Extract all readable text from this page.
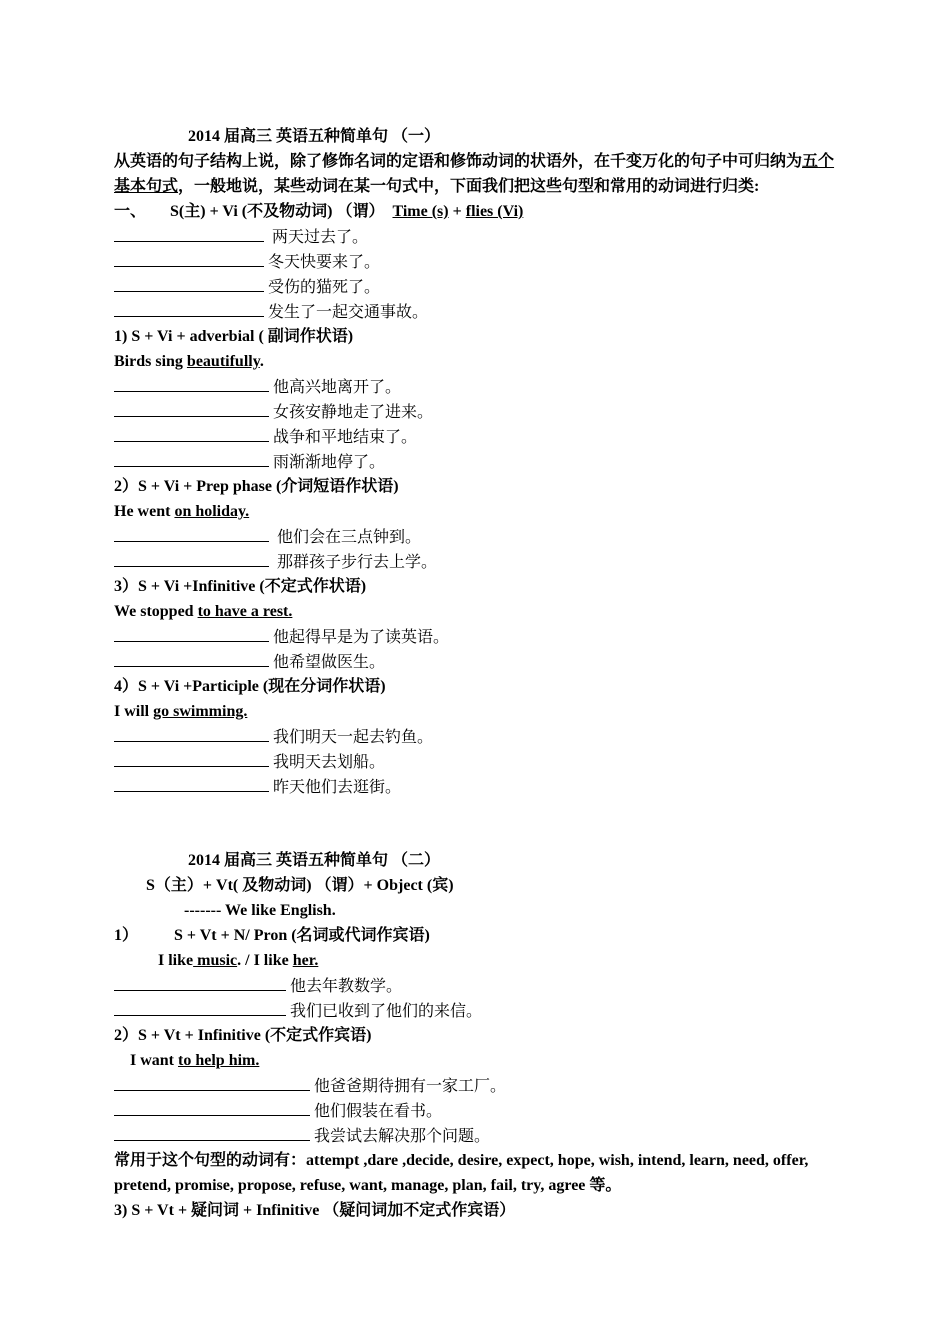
2014 届高三 英语五种简单句 （一）
从英语的句子结构上说，除了修饰名词的定语和修饰动词的状语外，在千变万化的句子中可归纳为五个基本句式，一般地说，某些动词在某一句式中，下面我们把这些句型和常用的动词进行归类:
一、 S(主) + Vi (不及物动词) （谓） Time (s) + flies (Vi)
两天过去了。
冬天快要来了。
受伤的猫死了。
发生了一起交通事故。
1) S + Vi + adverbial ( 副词作状语)
Birds sing beautifully.
他高兴地离开了。
女孩安静地走了进来。
战争和平地结束了。
雨渐渐地停了。
2）S + Vi + Prep phase (介词短语作状语)
He went on holiday.
他们会在三点钟到。
那群孩子步行去上学。
3）S + Vi +Infinitive (不定式作状语)
We stopped to have a rest.
他起得早是为了读英语。
他希望做医生。
4）S + Vi +Participle (现在分词作状语)
I will go swimming.
我们明天一起去钓鱼。
我明天去划船。
昨天他们去逛街。
2014 届高三 英语五种简单句 （二）
S（主）+ Vt( 及物动词) （谓）+ Object (宾)
------- We like English.
1） S + Vt + N/ Pron (名词或代词作宾语)
I like music. / I like her.
他去年教数学。
我们已收到了他们的来信。
2）S + Vt + Infinitive (不定式作宾语)
I want to help him.
他爸爸期待拥有一家工厂。
他们假装在看书。
我尝试去解决那个问题。
常用于这个句型的动词有：attempt ,dare ,decide, desire, expect, hope, wish, intend, learn, need, offer,
pretend, promise, propose, refuse, want, manage, plan, fail, try, agree 等。
3) S + Vt + 疑问词 + Infinitive （疑问词加不定式作宾语）
